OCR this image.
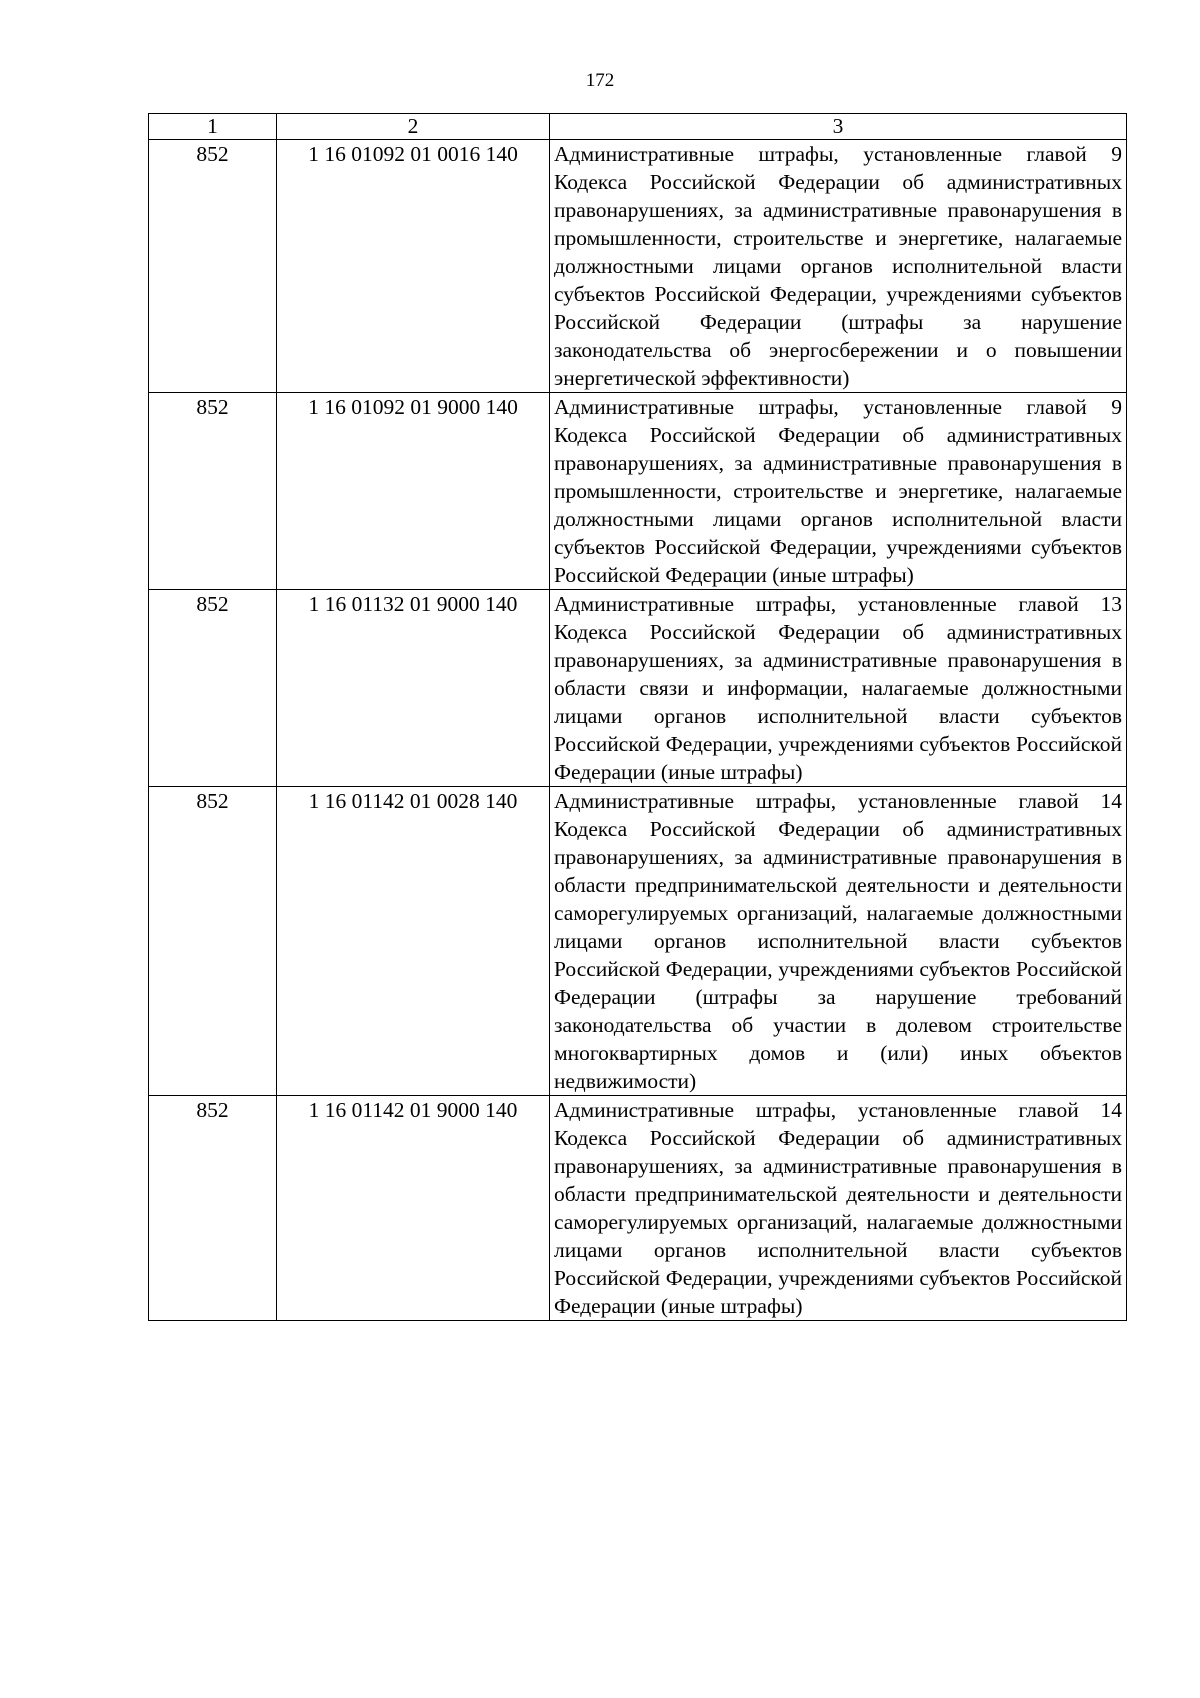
172
1	2	3
852	1 16 01092 01 0016 140	Административные штрафы, установленные главой 9 Кодекса Российской Федерации об административных правонарушениях, за административные правонарушения в промышленности, строительстве и энергетике, налагаемые должностными лицами органов исполнительной власти субъектов Российской Федерации, учреждениями субъектов Российской Федерации (штрафы за нарушение законодательства об энергосбережении и о повышении энергетической эффективности)
852	1 16 01092 01 9000 140	Административные штрафы, установленные главой 9 Кодекса Российской Федерации об административных правонарушениях, за административные правонарушения в промышленности, строительстве и энергетике, налагаемые должностными лицами органов исполнительной власти субъектов Российской Федерации, учреждениями субъектов Российской Федерации (иные штрафы)
852	1 16 01132 01 9000 140	Административные штрафы, установленные главой 13 Кодекса Российской Федерации об административных правонарушениях, за административные правонарушения в области связи и информации, налагаемые должностными лицами органов исполнительной власти субъектов Российской Федерации, учреждениями субъектов Российской Федерации (иные штрафы)
852	1 16 01142 01 0028 140	Административные штрафы, установленные главой 14 Кодекса Российской Федерации об административных правонарушениях, за административные правонарушения в области предпринимательской деятельности и деятельности саморегулируемых организаций, налагаемые должностными лицами органов исполнительной власти субъектов Российской Федерации, учреждениями субъектов Российской Федерации (штрафы за нарушение требований законодательства об участии в долевом строительстве многоквартирных домов и (или) иных объектов недвижимости)
852	1 16 01142 01 9000 140	Административные штрафы, установленные главой 14 Кодекса Российской Федерации об административных правонарушениях, за административные правонарушения в области предпринимательской деятельности и деятельности саморегулируемых организаций, налагаемые должностными лицами органов исполнительной власти субъектов Российской Федерации, учреждениями субъектов Российской Федерации (иные штрафы)
